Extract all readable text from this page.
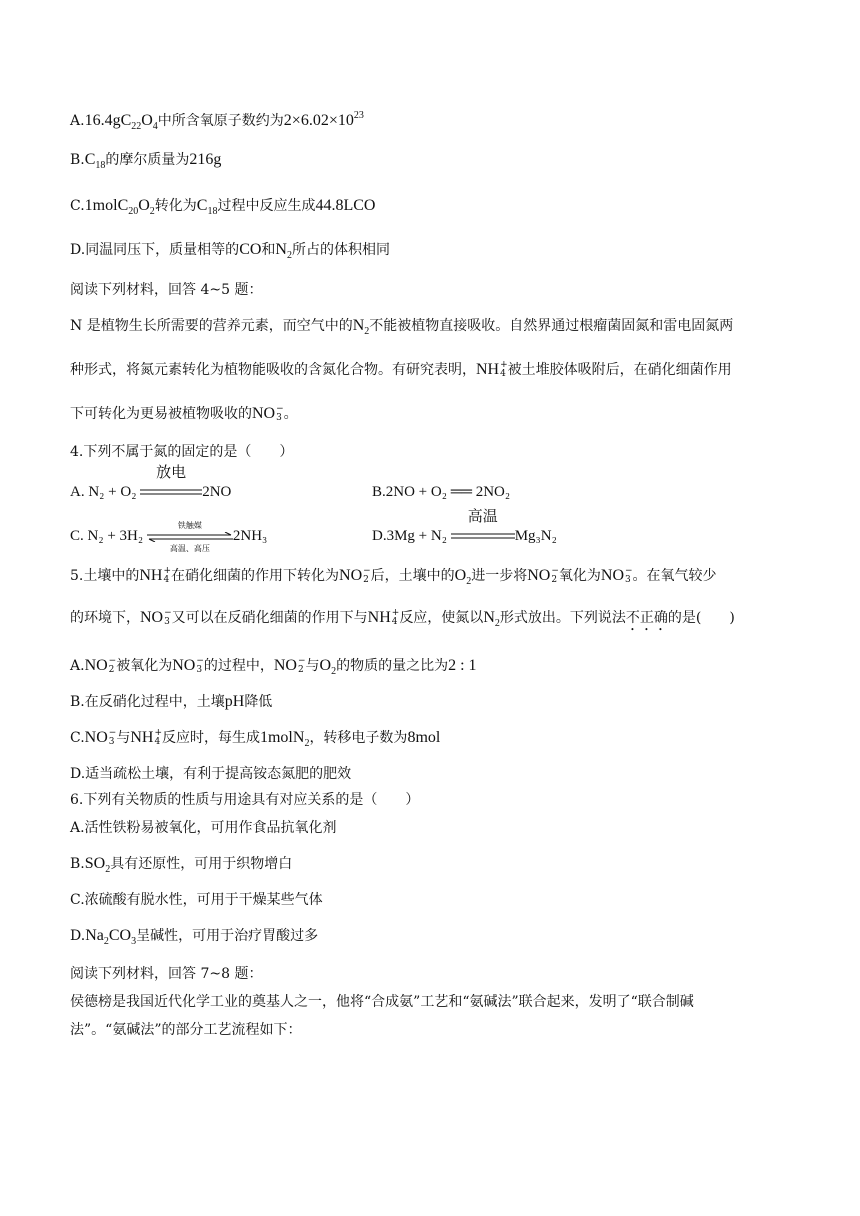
$A.16.4gC_{22}O_4$中所含氧原子数约为$2\times 6.02\times 10^{23}$
$B.C_{18}$的摩尔质量为216g
$C.1molC_{20}O_2$转化为$C_{18}$过程中反应生成44.8LCO
D.同温同压下，质量相等的CO和$N_2$所占的体积相同
阅读下列材料，回答 4~5 题：
N 是植物生长所需要的营养元素，而空气中的$N_2$不能被植物直接吸收。自然界通过根瘤菌固氮和雷电固氮两
种形式，将氮元素转化为植物能吸收的含氮化合物。有研究表明，NH +
4 被土堆胶体吸附后，在硝化细菌作用
下可转化为更易被植物吸收的NO −
3 。
4.下列不属于氮的固定的是（　　）
A. N₂ + O₂
放电
2NO	B.2NO + O₂ ══ 2NO₂
C. N₂ + 3H₂
铁触媒
高温、高压
2NH₃	D.3Mg + N₂
高温
Mg₃N₂
5.土壤中的NH +
4 在硝化细菌的作用下转化为NO −
2 后，土壤中的$O_2$进一步将NO −
2 氧化为NO −
3 。在氧气较少
的环境下，NO −
3 又可以在反硝化细菌的作用下与NH +
4 反应，使氮以$N_2$形式放出。下列说法不正确的是(　　)
A.NO −
2 被氧化为NO −
3 的过程中，NO −
2 与$O_2$的物质的量之比为2 : 1
B.在反硝化过程中，土壤pH降低
C.NO −
3 与NH +
4 反应时，每生成1molN$_2$，转移电子数为8mol
D.适当疏松土壤，有利于提高铵态氮肥的肥效
6.下列有关物质的性质与用途具有对应关系的是（　　）
A.活性铁粉易被氧化，可用作食品抗氧化剂
$B.SO_2$具有还原性，可用于织物增白
C.浓硫酸有脱水性，可用于干燥某些气体
$D.Na_2CO_3$呈碱性，可用于治疗胃酸过多
阅读下列材料，回答 7~8 题：
侯德榜是我国近代化学工业的奠基人之一，他将“合成氨”工艺和“氨碱法”联合起来，发明了“联合制碱
法”。“氨碱法”的部分工艺流程如下：
